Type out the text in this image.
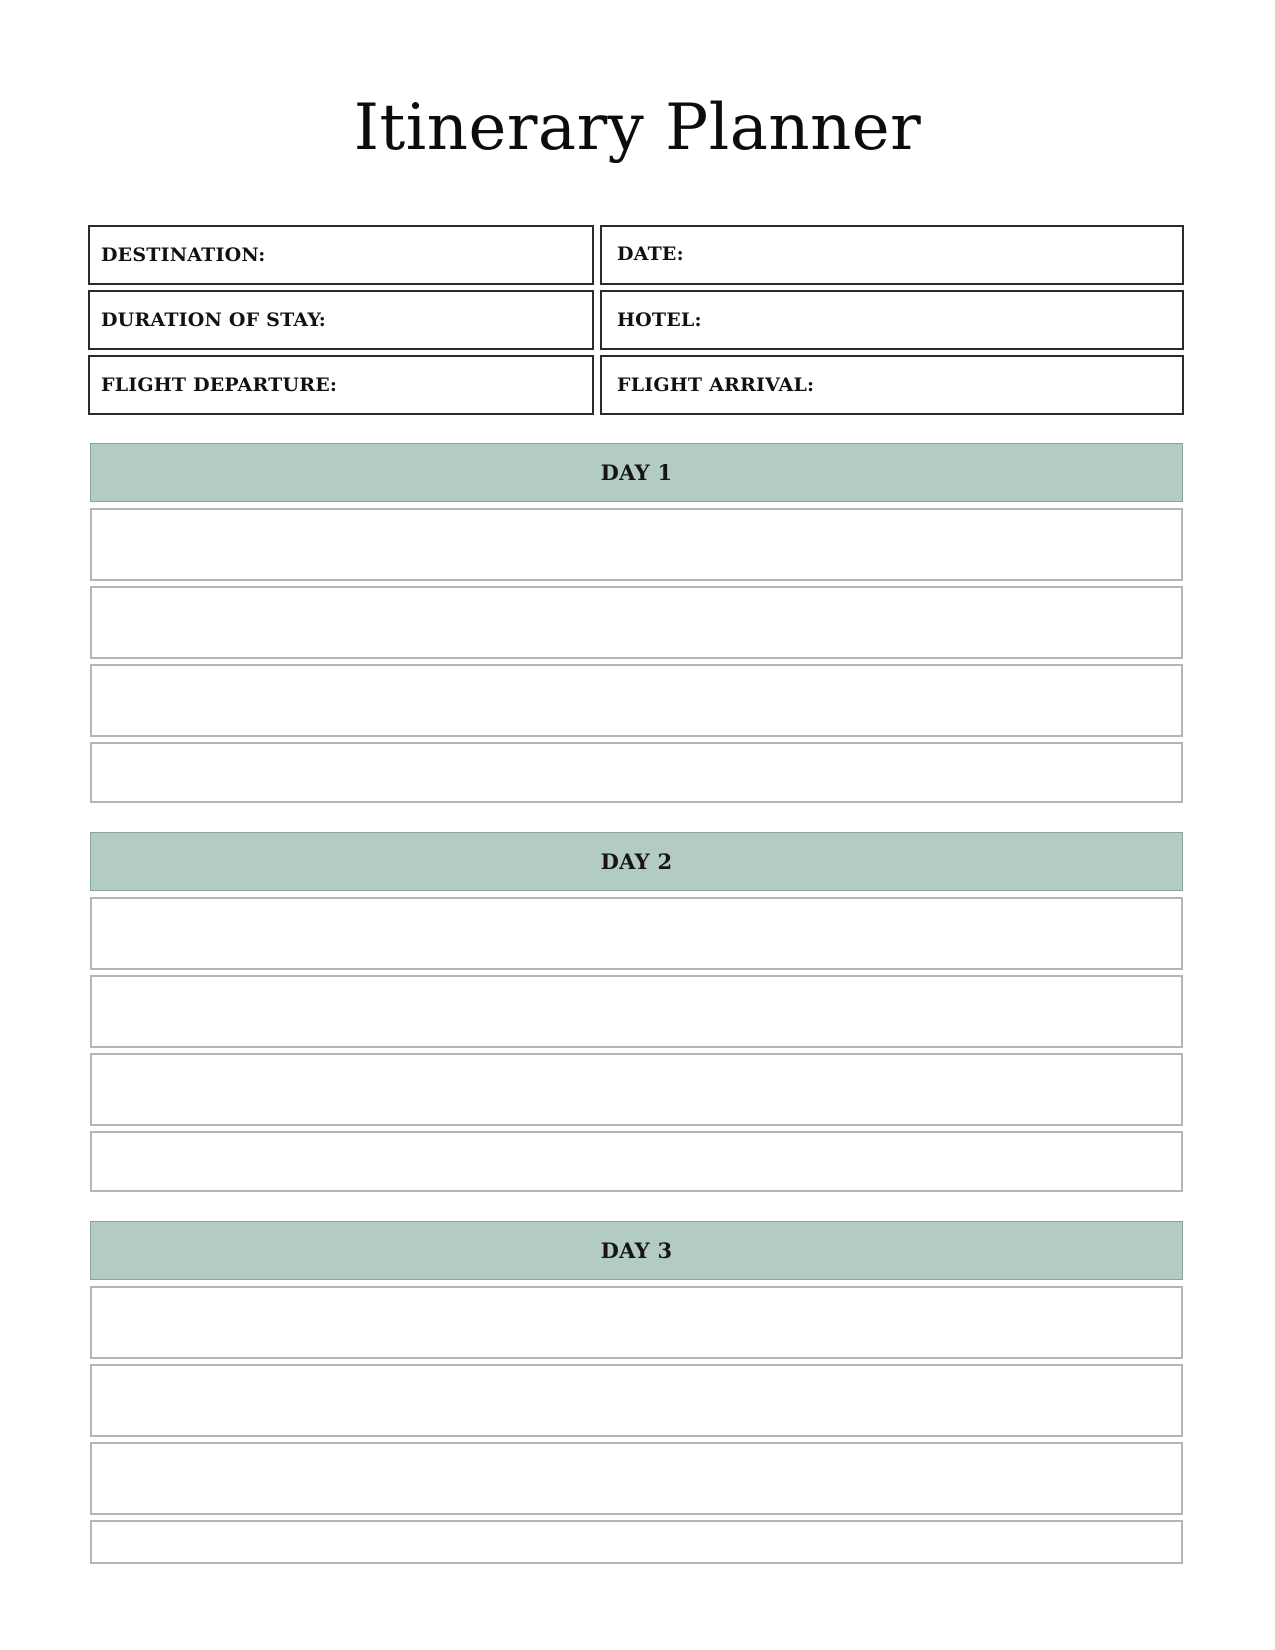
Itinerary Planner
DESTINATION:	DATE:
DURATION OF STAY:	HOTEL:
FLIGHT DEPARTURE:	FLIGHT ARRIVAL:
DAY 1
DAY 2
DAY 3
